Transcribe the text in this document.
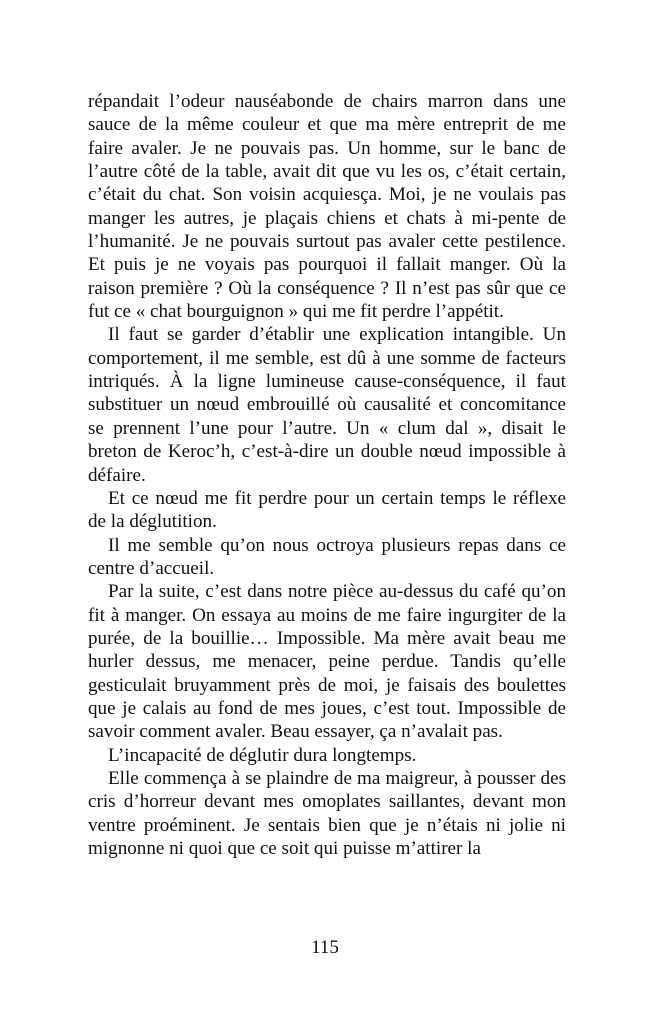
répandait l’odeur nauséabonde de chairs marron dans une sauce de la même couleur et que ma mère entreprit de me faire avaler. Je ne pouvais pas. Un homme, sur le banc de l’autre côté de la table, avait dit que vu les os, c’était certain, c’était du chat. Son voisin acquiesça. Moi, je ne voulais pas manger les autres, je plaçais chiens et chats à mi-pente de l’humanité. Je ne pouvais surtout pas avaler cette pestilence. Et puis je ne voyais pas pourquoi il fallait manger. Où la raison première ? Où la conséquence ? Il n’est pas sûr que ce fut ce « chat bourguignon » qui me fit perdre l’appétit.

Il faut se garder d’établir une explication intangible. Un comportement, il me semble, est dû à une somme de facteurs intriqués. À la ligne lumineuse cause-conséquence, il faut substituer un nœud embrouillé où causalité et concomitance se prennent l’une pour l’autre. Un « clum dal », disait le breton de Keroc’h, c’est-à-dire un double nœud impossible à défaire.

Et ce nœud me fit perdre pour un certain temps le réflexe de la déglutition.

Il me semble qu’on nous octroya plusieurs repas dans ce centre d’accueil.

Par la suite, c’est dans notre pièce au-dessus du café qu’on fit à manger. On essaya au moins de me faire ingurgiter de la purée, de la bouillie… Impossible. Ma mère avait beau me hurler dessus, me menacer, peine perdue. Tandis qu’elle gesticulait bruyamment près de moi, je faisais des boulettes que je calais au fond de mes joues, c’est tout. Impossible de savoir comment avaler. Beau essayer, ça n’avalait pas.

L’incapacité de déglutir dura longtemps.

Elle commença à se plaindre de ma maigreur, à pousser des cris d’horreur devant mes omoplates saillantes, devant mon ventre proéminent. Je sentais bien que je n’étais ni jolie ni mignonne ni quoi que ce soit qui puisse m’attirer la

115
